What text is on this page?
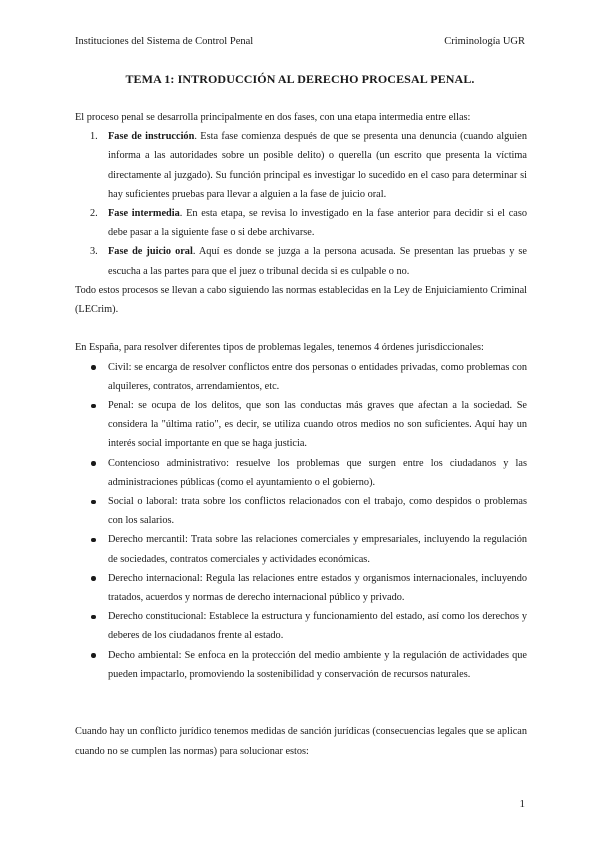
Instituciones del Sistema de Control Penal	Criminología UGR
TEMA 1: INTRODUCCIÓN AL DERECHO PROCESAL PENAL.

El proceso penal se desarrolla principalmente en dos fases, con una etapa intermedia entre ellas:

1. Fase de instrucción. Esta fase comienza después de que se presenta una denuncia (cuando alguien informa a las autoridades sobre un posible delito) o querella (un escrito que presenta la víctima directamente al juzgado). Su función principal es investigar lo sucedido en el caso para determinar si hay suficientes pruebas para llevar a alguien a la fase de juicio oral.
2. Fase intermedia. En esta etapa, se revisa lo investigado en la fase anterior para decidir si el caso debe pasar a la siguiente fase o si debe archivarse.
3. Fase de juicio oral. Aquí es donde se juzga a la persona acusada. Se presentan las pruebas y se escucha a las partes para que el juez o tribunal decida si es culpable o no.

Todo estos procesos se llevan a cabo siguiendo las normas establecidas en la Ley de Enjuiciamiento Criminal (LECrim).

En España, para resolver diferentes tipos de problemas legales, tenemos 4 órdenes jurisdiccionales:

Civil: se encarga de resolver conflictos entre dos personas o entidades privadas, como problemas con alquileres, contratos, arrendamientos, etc.
Penal: se ocupa de los delitos, que son las conductas más graves que afectan a la sociedad. Se considera la "última ratio", es decir, se utiliza cuando otros medios no son suficientes. Aquí hay un interés social importante en que se haga justicia.
Contencioso administrativo: resuelve los problemas que surgen entre los ciudadanos y las administraciones públicas (como el ayuntamiento o el gobierno).
Social o laboral: trata sobre los conflictos relacionados con el trabajo, como despidos o problemas con los salarios.
Derecho mercantil: Trata sobre las relaciones comerciales y empresariales, incluyendo la regulación de sociedades, contratos comerciales y actividades económicas.
Derecho internacional: Regula las relaciones entre estados y organismos internacionales, incluyendo tratados, acuerdos y normas de derecho internacional público y privado.
Derecho constitucional: Establece la estructura y funcionamiento del estado, así como los derechos y deberes de los ciudadanos frente al estado.
Decho ambiental: Se enfoca en la protección del medio ambiente y la regulación de actividades que pueden impactarlo, promoviendo la sostenibilidad y conservación de recursos naturales.

Cuando hay un conflicto jurídico tenemos medidas de sanción jurídicas (consecuencias legales que se aplican cuando no se cumplen las normas) para solucionar estos:

1
